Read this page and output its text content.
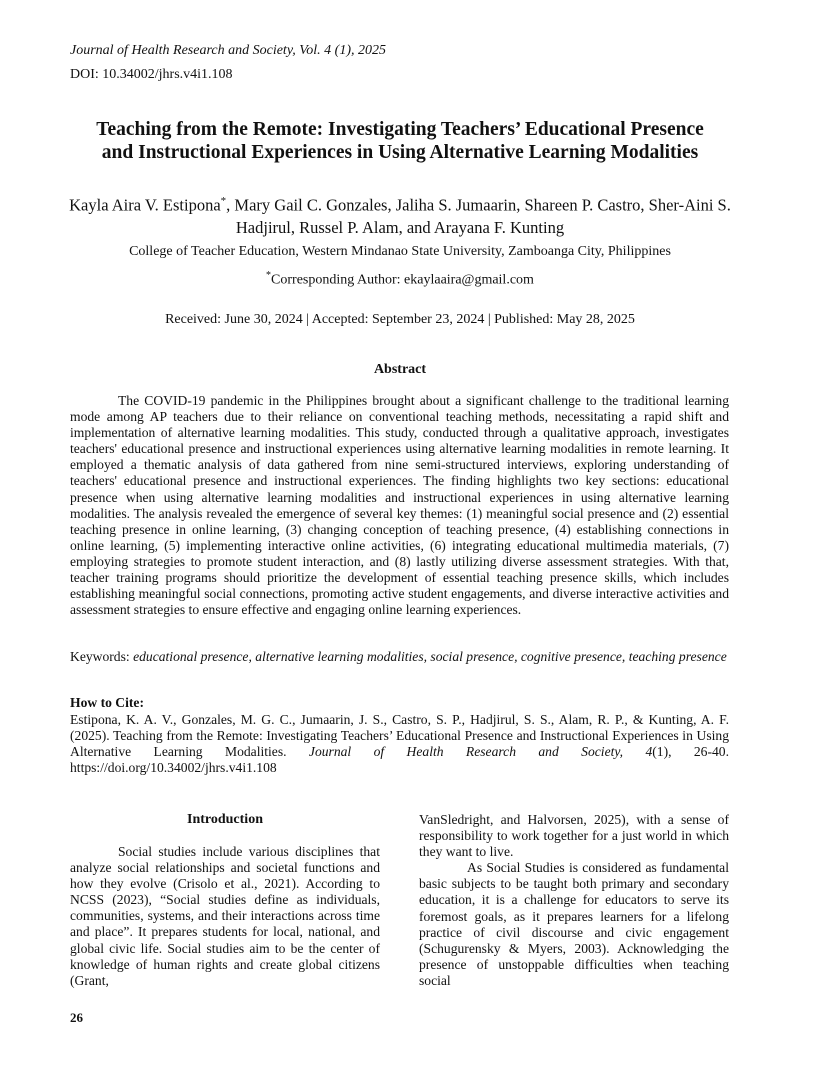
Journal of Health Research and Society, Vol. 4 (1), 2025
DOI: 10.34002/jhrs.v4i1.108
Teaching from the Remote: Investigating Teachers’ Educational Presence and Instructional Experiences in Using Alternative Learning Modalities
Kayla Aira V. Estipona*, Mary Gail C. Gonzales, Jaliha S. Jumaarin, Shareen P. Castro, Sher-Aini S. Hadjirul, Russel P. Alam, and Arayana F. Kunting
College of Teacher Education, Western Mindanao State University, Zamboanga City, Philippines
*Corresponding Author: ekaylaaira@gmail.com
Received: June 30, 2024 | Accepted: September 23, 2024 | Published: May 28, 2025
Abstract

The COVID-19 pandemic in the Philippines brought about a significant challenge to the traditional learning mode among AP teachers due to their reliance on conventional teaching methods, necessitating a rapid shift and implementation of alternative learning modalities. This study, conducted through a qualitative approach, investigates teachers' educational presence and instructional experiences using alternative learning modalities in remote learning. It employed a thematic analysis of data gathered from nine semi-structured interviews, exploring understanding of teachers' educational presence and instructional experiences. The finding highlights two key sections: educational presence when using alternative learning modalities and instructional experiences in using alternative learning modalities. The analysis revealed the emergence of several key themes: (1) meaningful social presence and (2) essential teaching presence in online learning, (3) changing conception of teaching presence, (4) establishing connections in online learning, (5) implementing interactive online activities, (6) integrating educational multimedia materials, (7) employing strategies to promote student interaction, and (8) lastly utilizing diverse assessment strategies. With that, teacher training programs should prioritize the development of essential teaching presence skills, which includes establishing meaningful social connections, promoting active student engagements, and diverse interactive activities and assessment strategies to ensure effective and engaging online learning experiences.

Keywords: educational presence, alternative learning modalities, social presence, cognitive presence, teaching presence
How to Cite:
Estipona, K. A. V., Gonzales, M. G. C., Jumaarin, J. S., Castro, S. P., Hadjirul, S. S., Alam, R. P., & Kunting, A. F. (2025). Teaching from the Remote: Investigating Teachers’ Educational Presence and Instructional Experiences in Using Alternative Learning Modalities. Journal of Health Research and Society, 4(1), 26-40. https://doi.org/10.34002/jhrs.v4i1.108
Introduction

Social studies include various disciplines that analyze social relationships and societal functions and how they evolve (Crisolo et al., 2021). According to NCSS (2023), “Social studies define as individuals, communities, systems, and their interactions across time and place”. It prepares students for local, national, and global civic life. Social studies aim to be the center of knowledge of human rights and create global citizens (Grant,

VanSledright, and Halvorsen, 2025), with a sense of responsibility to work together for a just world in which they want to live.

As Social Studies is considered as fundamental basic subjects to be taught both primary and secondary education, it is a challenge for educators to serve its foremost goals, as it prepares learners for a lifelong practice of civil discourse and civic engagement (Schugurensky & Myers, 2003). Acknowledging the presence of unstoppable difficulties when teaching social

26
